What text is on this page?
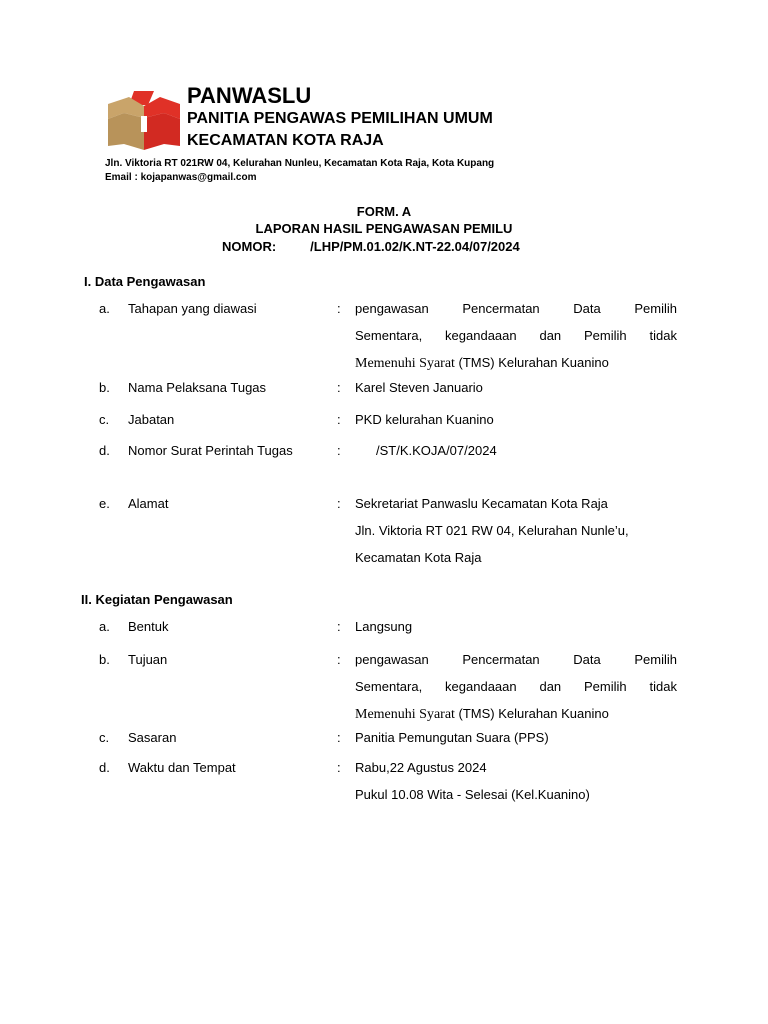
PANWASLU
PANITIA PENGAWAS PEMILIHAN UMUM
KECAMATAN KOTA RAJA
Jln. Viktoria RT 021RW 04, Kelurahan Nunleu, Kecamatan Kota Raja, Kota Kupang
Email : kojapanwas@gmail.com
FORM. A
LAPORAN HASIL PENGAWASAN PEMILU
NOMOR:	/LHP/PM.01.02/K.NT-22.04/07/2024
I. Data Pengawasan
a. Tahapan yang diawasi	: pengawasan	Pencermatan	Data	Pemilih
Sementara, kegandaaan dan Pemilih tidak
Memenuhi Syarat (TMS) Kelurahan Kuanino
b. Nama Pelaksana Tugas	: Karel Steven Januario
c. Jabatan	: PKD kelurahan Kuanino
d. Nomor Surat Perintah Tugas	:	/ST/K.KOJA/07/2024
e. Alamat	: Sekretariat Panwaslu Kecamatan Kota Raja
Jln. Viktoria RT 021 RW 04, Kelurahan Nunle’u,
Kecamatan Kota Raja
II. Kegiatan Pengawasan
a. Bentuk	: Langsung
b. Tujuan	: pengawasan	Pencermatan	Data	Pemilih
Sementara, kegandaaan dan Pemilih tidak
Memenuhi Syarat (TMS) Kelurahan Kuanino
c. Sasaran	: Panitia Pemungutan Suara (PPS)
d. Waktu dan Tempat	: Rabu,22 Agustus 2024
Pukul 10.08 Wita - Selesai (Kel.Kuanino)
